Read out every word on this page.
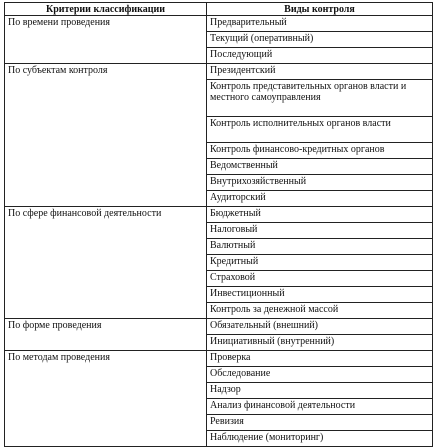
Критерии классификации	Виды контроля
По времени проведения	Предварительный
	Текущий (оперативный)
	Последующий
По субъектам контроля	Президентский
	Контроль представительных органов власти и местного самоуправления
	Контроль исполнительных органов власти
	Контроль финансово-кредитных органов
	Ведомственный
	Внутрихозяйственный
	Аудиторский
По сфере финансовой деятельности	Бюджетный
	Налоговый
	Валютный
	Кредитный
	Страховой
	Инвестиционный
	Контроль за денежной массой
По форме проведения	Обязательный (внешний)
	Инициативный (внутренний)
По методам проведения	Проверка
	Обследование
	Надзор
	Анализ финансовой деятельности
	Ревизия
	Наблюдение (мониторинг)
